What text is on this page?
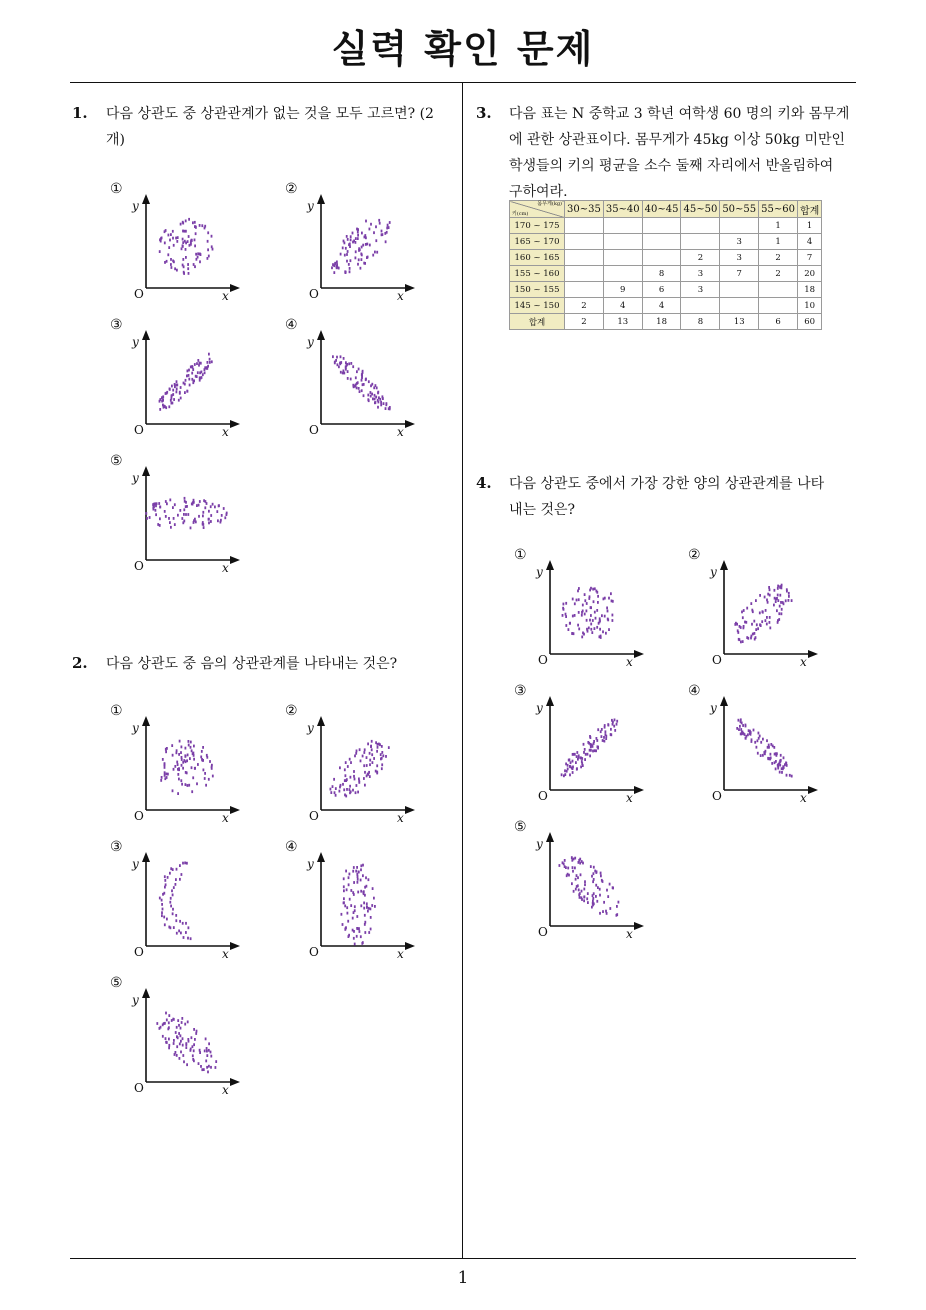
실력 확인 문제
1
1. 다음 상관도 중 상관관계가 없는 것을 모두 고르면? (2
개)
2. 다음 상관도 중 음의 상관관계를 나타내는 것은?
3. 다음 표는 N 중학교 3 학년 여학생 60 명의 키와 몸무게
에 관한 상관표이다. 몸무게가 45kg 이상 50kg 미만인
학생들의 키의 평균을 소수 둘째 자리에서 반올림하여
구하여라.
몸무게(kg)
키(cm)	30~35	35~40	40~45	45~50	50~55	55~60	합계
170 ~ 175						1	1
165 ~ 170					3	1	4
160 ~ 165				2	3	2	7
155 ~ 160			8	3	7	2	20
150 ~ 155		9	6	3			18
145 ~ 150	2	4	4				10
합계	2	13	18	8	13	6	60
4. 다음 상관도 중에서 가장 강한 양의 상관관계를 나타
내는 것은?
①
y
O	x
②
y
O	x
③
y
O	x
④
y
O	x
⑤
y
O	x
①
y
O	x
②
y
O	x
③
y
O	x
④
y
O	x
⑤
y
O	x
①
y
O	x
②
y
O	x
③
y
O	x
④
y
O	x
⑤
y
O	x
